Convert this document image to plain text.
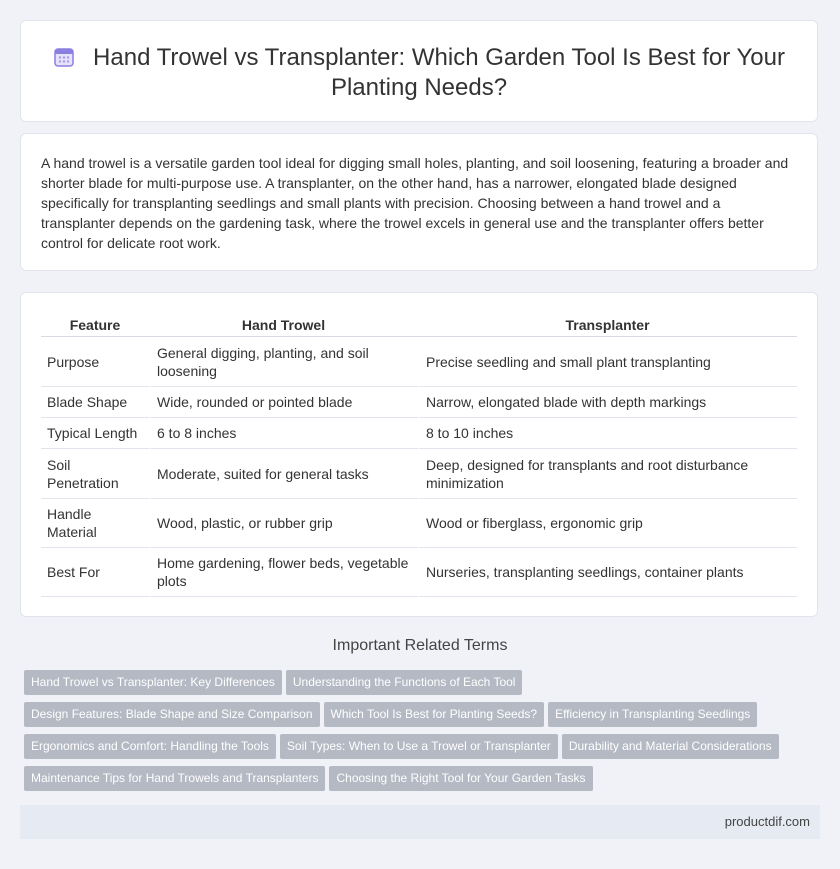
Hand Trowel vs Transplanter: Which Garden Tool Is Best for Your Planting Needs?

A hand trowel is a versatile garden tool ideal for digging small holes, planting, and soil loosening, featuring a broader and shorter blade for multi-purpose use. A transplanter, on the other hand, has a narrower, elongated blade designed specifically for transplanting seedlings and small plants with precision. Choosing between a hand trowel and a transplanter depends on the gardening task, where the trowel excels in general use and the transplanter offers better control for delicate root work.

Feature	Hand Trowel	Transplanter
Purpose	General digging, planting, and soil loosening	Precise seedling and small plant transplanting
Blade Shape	Wide, rounded or pointed blade	Narrow, elongated blade with depth markings
Typical Length	6 to 8 inches	8 to 10 inches
Soil Penetration	Moderate, suited for general tasks	Deep, designed for transplants and root disturbance minimization
Handle Material	Wood, plastic, or rubber grip	Wood or fiberglass, ergonomic grip
Best For	Home gardening, flower beds, vegetable plots	Nurseries, transplanting seedlings, container plants
Important Related Terms
Hand Trowel vs Transplanter: Key Differences Understanding the Functions of Each Tool
Design Features: Blade Shape and Size Comparison Which Tool Is Best for Planting Seeds? Efficiency in Transplanting Seedlings
Ergonomics and Comfort: Handling the Tools Soil Types: When to Use a Trowel or Transplanter Durability and Material Considerations
Maintenance Tips for Hand Trowels and Transplanters Choosing the Right Tool for Your Garden Tasks
productdif.com
